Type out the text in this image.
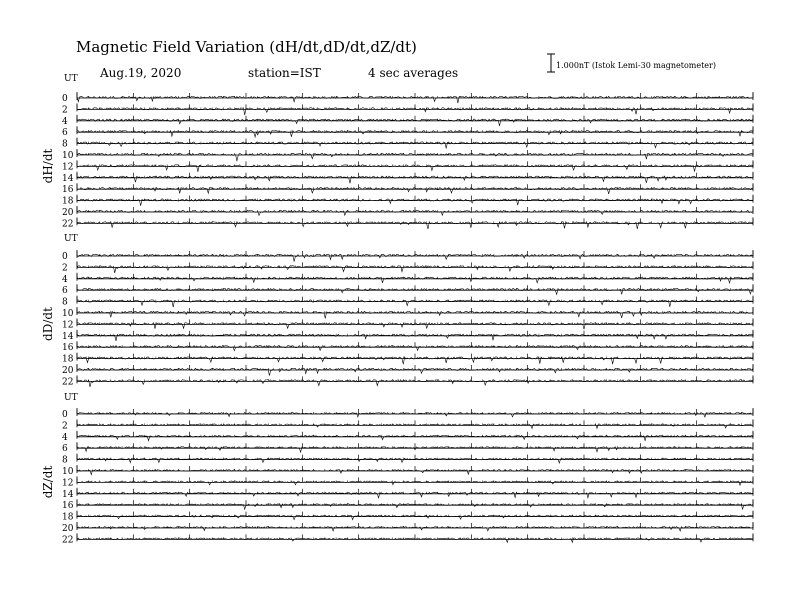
Magnetic Field Variation (dH/dt,dD/dt,dZ/dt)
Aug.19, 2020	station=IST	4 sec averages
1.000nT (Istok Lemi-30 magnetometer)
UT
dH/dt
0
2
4
6
8
10
12
14
16
18
20
22
UT
dD/dt
0
2
4
6
8
10
12
14
16
18
20
22
UT
dZ/dt
0
2
4
6
8
10
12
14
16
18
20
22
